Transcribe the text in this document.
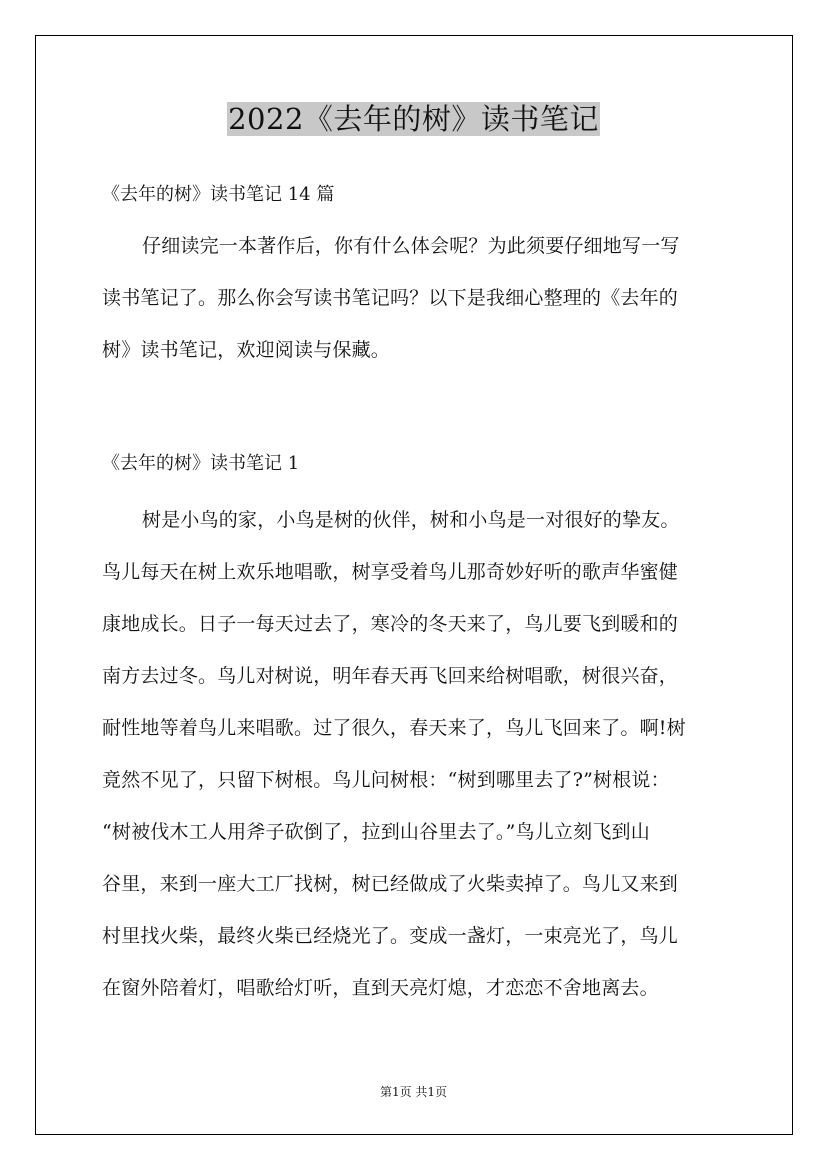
2022《去年的树》读书笔记
《去年的树》读书笔记 14 篇
仔细读完一本著作后，你有什么体会呢？为此须要仔细地写一写
读书笔记了。那么你会写读书笔记吗？以下是我细心整理的《去年的
树》读书笔记，欢迎阅读与保藏。
《去年的树》读书笔记 1
树是小鸟的家，小鸟是树的伙伴，树和小鸟是一对很好的挚友。
鸟儿每天在树上欢乐地唱歌，树享受着鸟儿那奇妙好听的歌声华蜜健
康地成长。日子一每天过去了，寒冷的冬天来了，鸟儿要飞到暖和的
南方去过冬。鸟儿对树说，明年春天再飞回来给树唱歌，树很兴奋，
耐性地等着鸟儿来唱歌。过了很久，春天来了，鸟儿飞回来了。啊!树
竟然不见了，只留下树根。鸟儿问树根：“树到哪里去了?”树根说：
“树被伐木工人用斧子砍倒了，拉到山谷里去了。”鸟儿立刻飞到山
谷里，来到一座大工厂找树，树已经做成了火柴卖掉了。鸟儿又来到
村里找火柴，最终火柴已经烧光了。变成一盏灯，一束亮光了，鸟儿
在窗外陪着灯，唱歌给灯听，直到天亮灯熄，才恋恋不舍地离去。
第1页 共1页
